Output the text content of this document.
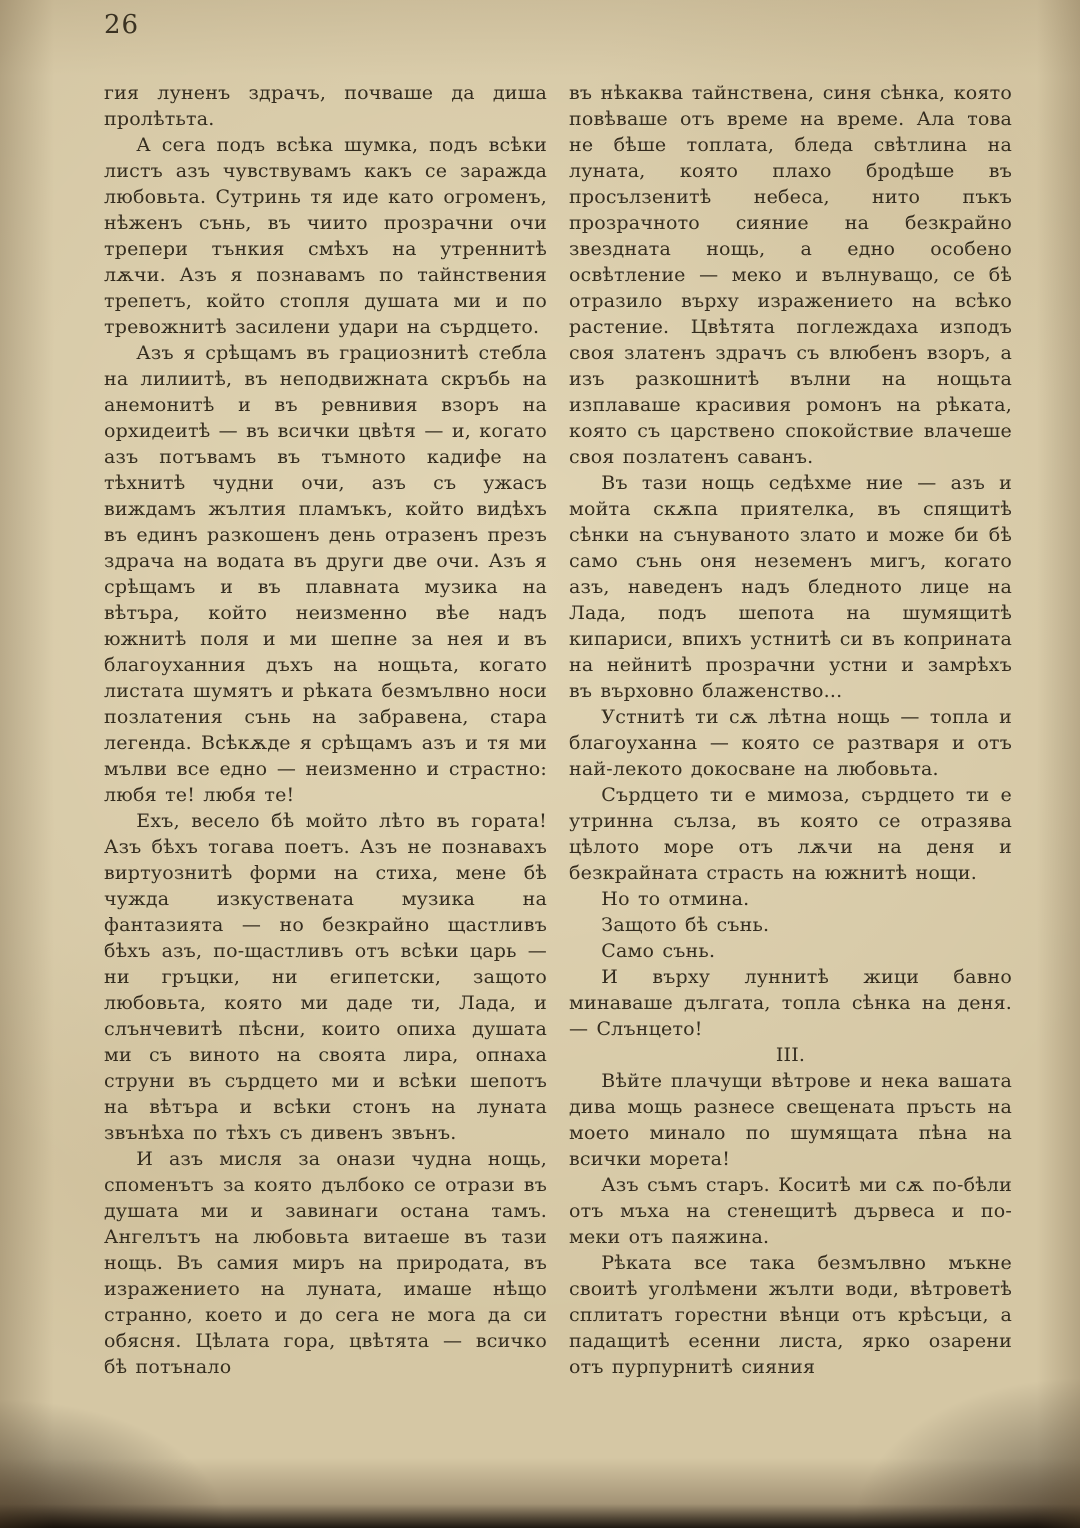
26

гия луненъ здрачъ, почваше да диша пролѣтьта.

А сега подъ всѣка шумка, подъ всѣки листъ азъ чувствувамъ какъ се заражда любовьта. Сутринь тя иде като огроменъ, нѣженъ сънь, въ чиито прозрачни очи трепери тънкия смѣхъ на утреннитѣ лѫчи. Азъ я познавамъ по тайнствения трепетъ, който стопля душата ми и по тревожнитѣ засилени удари на сърдцето.

Азъ я срѣщамъ въ грациознитѣ стебла на лилиитѣ, въ неподвижната скръбь на анемонитѣ и въ ревнивия взоръ на орхидеитѣ — въ всички цвѣтя — и, когато азъ потъвамъ въ тъмното кадифе на тѣхнитѣ чудни очи, азъ съ ужасъ виждамъ жълтия пламъкъ, който видѣхъ въ единъ разкошенъ день отразенъ презъ здрача на водата въ други две очи. Азъ я срѣщамъ и въ плавната музика на вѣтъра, който неизменно вѣе надъ южнитѣ поля и ми шепне за нея и въ благоуханния дъхъ на нощьта, когато листата шумятъ и рѣката безмълвно носи позлатения сънь на забравена, стара легенда. Всѣкѫде я срѣщамъ азъ и тя ми мълви все едно — неизменно и страстно: любя те! любя те!

Ехъ, весело бѣ мойто лѣто въ гората! Азъ бѣхъ тогава поетъ. Азъ не познавахъ виртуознитѣ форми на стиха, мене бѣ чужда изкуствената музика на фантазията — но безкрайно щастливъ бѣхъ азъ, по-щастливъ отъ всѣки царь — ни гръцки, ни египетски, защото любовьта, която ми даде ти, Лада, и слънчевитѣ пѣсни, които опиха душата ми съ виното на своята лира, опнаха струни въ сърдцето ми и всѣки шепотъ на вѣтъра и всѣки стонъ на луната звънѣха по тѣхъ съ дивенъ звънъ.

И азъ мисля за онази чудна нощь, споменътъ за която дълбоко се отрази въ душата ми и завинаги остана тамъ. Ангелътъ на любовьта витаеше въ тази нощь. Въ самия миръ на природата, въ изражението на луната, имаше нѣщо странно, което и до сега не мога да си обясня. Цѣлата гора, цвѣтята — всичко бѣ потънало

въ нѣкаква тайнствена, синя сѣнка, която повѣваше отъ време на време. Ала това не бѣше топлата, бледа свѣтлина на луната, която плахо бродѣше въ просълзенитѣ небеса, нито пъкъ прозрачното сияние на безкрайно звездната нощь, а едно особено освѣтление — меко и вълнуващо, се бѣ отразило върху изражението на всѣко растение. Цвѣтята поглеждаха изподъ своя златенъ здрачъ съ влюбенъ взоръ, а изъ разкошнитѣ вълни на нощьта изплаваше красивия ромонъ на рѣката, която съ царствено спокойствие влачеше своя позлатенъ саванъ.

Въ тази нощь седѣхме ние — азъ и мойта скѫпа приятелка, въ спящитѣ сѣнки на сънуваното злато и може би бѣ само сънь оня неземенъ мигъ, когато азъ, наведенъ надъ бледното лице на Лада, подъ шепота на шумящитѣ кипариси, впихъ устнитѣ си въ коприната на нейнитѣ прозрачни устни и замрѣхъ въ върховно блаженство...

Устнитѣ ти сѫ лѣтна нощь — топла и благоуханна — която се разтваря и отъ най-лекото докосване на любовьта.

Сърдцето ти е мимоза, сърдцето ти е утринна сълза, въ която се отразява цѣлото море отъ лѫчи на деня и безкрайната страсть на южнитѣ нощи.

Но то отмина.

Защото бѣ сънь.

Само сънь.

И върху луннитѣ жици бавно минаваше дългата, топла сѣнка на деня. — Слънцето!

III.

Вѣйте плачущи вѣтрове и нека вашата дива мощь разнесе свещената пръсть на моето минало по шумящата пѣна на всички морета!

Азъ съмъ старъ. Коситѣ ми сѫ по-бѣли отъ мъха на стенещитѣ дървеса и по-меки отъ паяжина.

Рѣката все така безмълвно мъкне своитѣ уголѣмени жълти води, вѣтроветѣ сплитатъ горестни вѣнци отъ крѣсъци, а падащитѣ есенни листа, ярко озарени отъ пурпурнитѣ сияния
